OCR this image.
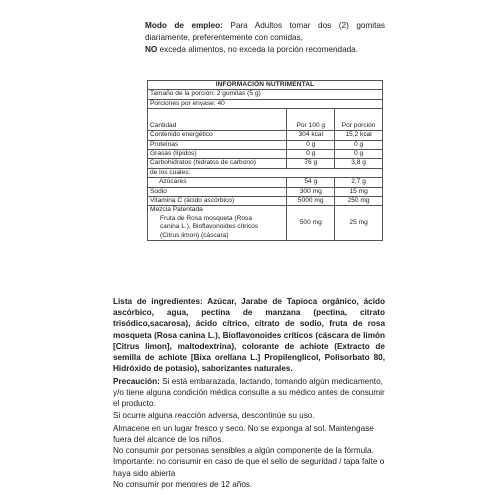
Modo de empleo: Para Adultos tomar dos (2) gomitas diariamente, preferentemente con comidas,
NO exceda alimentos, no exceda la porción recomendada.
INFORMACIÓN NUTRIMENTAL		
Tamaño de la porción: 2 gomitas (5 g)		
Porciones por envase: 40		
Cantidad	Por 100 g	Por porción
Contenido energético	304 kcal	15,2 kcal
Proteínas	0 g	0 g
Grasas (lípidos)	0 g	0 g
Carbohidratos (hidratos de carbono)	76 g	3,8 g
de los cuales:		
Azúcares	54 g	2,7 g
Sodio	300 mg	15 mg
Vitamina C (ácido ascórbico)	5000 mg	250 mg

Mezcla Patentada
Fruta de Rosa mosqueta (Rosa
canina L.), Bioflavonoides cítricos
(Citrus limon) (cáscara)	500 mg	25 mg
Lista de ingredientes: Azúcar, Jarabe de Tapioca orgánico, ácido ascórbico, agua, pectina de manzana (pectina, citrato trisódico,sacarosa), ácido cítrico, citrato de sodio, fruta de rosa mosqueta (Rosa canina L.), Bioflavonoides críticos (cáscara de limón [Citrus limon], maltodextrina), colorante de achiote (Extracto de semilla de achiote [Bixa orellana L.] Propilenglicol, Polisorbato 80, Hidróxido de potasio), saborizantes naturales.

Precaución: Si está embarazada, lactando, tomando algún medicamento, y/o tiene alguna condición médica consulte a su médico antes de consumir el producto.

Si ocurre alguna reacción adversa, descontinúe su uso.

Almacene en un lugar fresco y seco. No se exponga al sol. Mantengase fuera del alcance de los niños.

No consumir por personas sensibles a algún componente de la fórmula.

Importante: no consumir en caso de que el sello de seguridad / tapa falte o haya sido abierta

No consumir por menores de 12 años.
